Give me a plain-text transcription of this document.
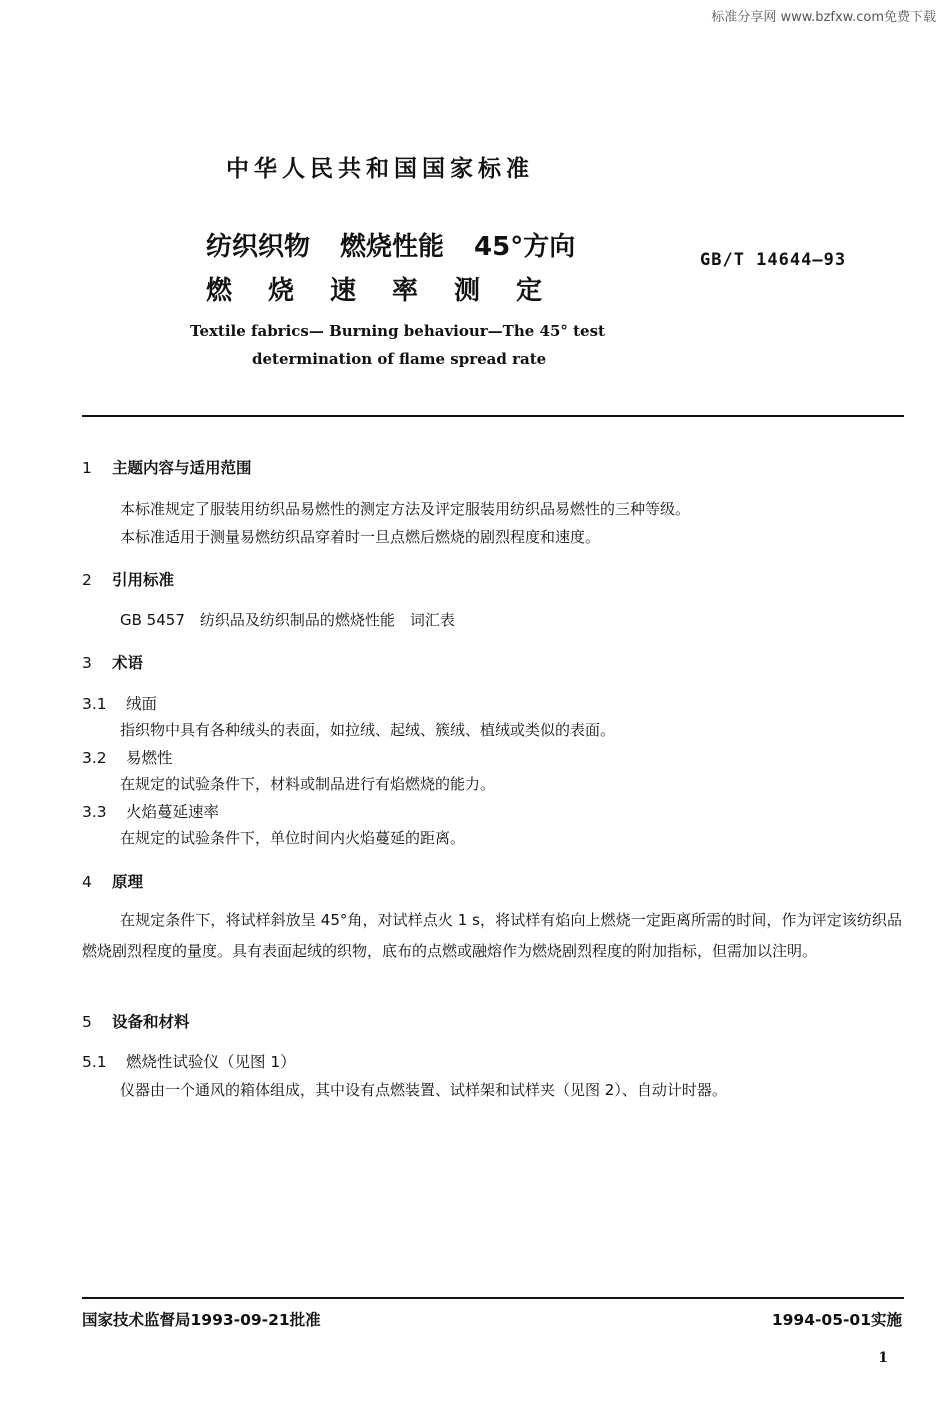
标准分享网 www.bzfxw.com免费下载
中华人民共和国国家标准
纺织织物 燃烧性能 45°方向
燃烧速率测定
GB/T 14644—93
Textile fabrics— Burning behaviour—The 45° test
determination of flame spread rate
1 主题内容与适用范围
本标准规定了服装用纺织品易燃性的测定方法及评定服装用纺织品易燃性的三种等级。
本标准适用于测量易燃纺织品穿着时一旦点燃后燃烧的剧烈程度和速度。
2 引用标准
GB 5457　纺织品及纺织制品的燃烧性能　词汇表
3 术语
3.1 绒面
指织物中具有各种绒头的表面，如拉绒、起绒、簇绒、植绒或类似的表面。
3.2 易燃性
在规定的试验条件下，材料或制品进行有焰燃烧的能力。
3.3 火焰蔓延速率
在规定的试验条件下，单位时间内火焰蔓延的距离。
4 原理
在规定条件下，将试样斜放呈 45°角，对试样点火 1 s，将试样有焰向上燃烧一定距离所需的时间，作为评定该纺织品燃烧剧烈程度的量度。具有表面起绒的织物，底布的点燃或融熔作为燃烧剧烈程度的附加指标，但需加以注明。
5 设备和材料
5.1 燃烧性试验仪（见图 1）
仪器由一个通风的箱体组成，其中设有点燃装置、试样架和试样夹（见图 2）、自动计时器。
国家技术监督局1993-09-21批准	1994-05-01实施
1
